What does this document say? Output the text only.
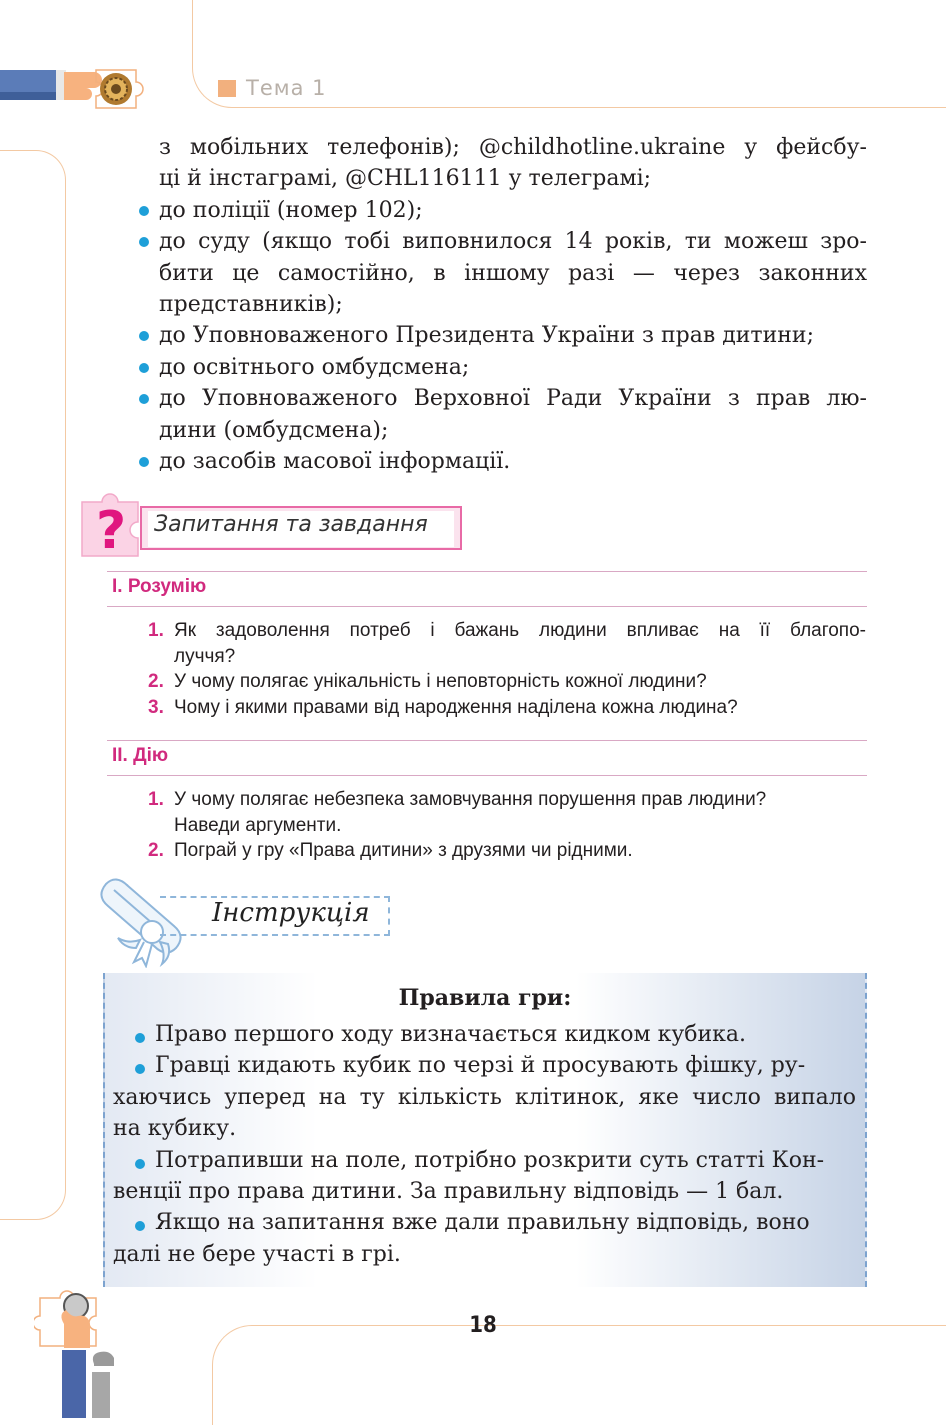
Тема 1
з мобільних телефонів); @childhotline.ukraine у фейсбу-
ці й інстаграмі, @CHL116111 у телеграмі;
до поліції (номер 102);
до суду (якщо тобі виповнилося 14 років, ти можеш зро-
бити це самостійно, в іншому разі — через законних
представників);
до Уповноваженого Президента України з прав дитини;
до освітнього омбудсмена;
до Уповноваженого Верховної Ради України з прав лю-
дини (омбудсмена);
до засобів масової інформації.
? Запитання та завдання
І. Розумію
1. Як задоволення потреб і бажань людини впливає на її благопо-
луччя?
2. У чому полягає унікальність і неповторність кожної людини?
3. Чому і якими правами від народження наділена кожна людина?
ІІ. Дію
1. У чому полягає небезпека замовчування порушення прав людини?
Наведи аргументи.
2. Пограй у гру «Права дитини» з друзями чи рідними.
Інструкція
Правила гри:
Право першого ходу визначається кидком кубика.
Гравці кидають кубик по черзі й просувають фішку, ру-
хаючись уперед на ту кількість клітинок, яке число випало
на кубику.
Потрапивши на поле, потрібно розкрити суть статті Кон-
венції про права дитини. За правильну відповідь — 1 бал.
Якщо на запитання вже дали правильну відповідь, воно
далі не бере участі в грі.
18
